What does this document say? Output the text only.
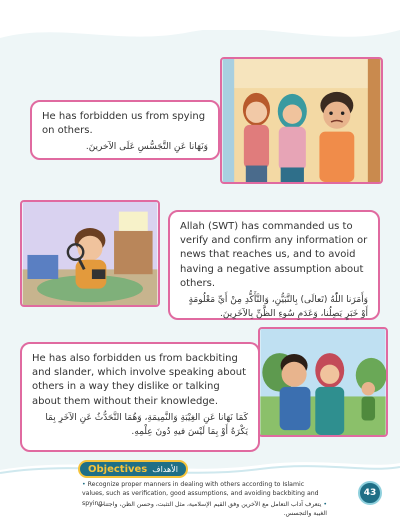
He has forbidden us from spying on others.

وَنَهَانا عَنِ التَّجَسُّسِ عَلَى الآخرينَ.

Allah (SWT) has commanded us to verify and confirm any information or news that reaches us, and to avoid having a negative assumption about others.

وَأَمَرَنا اللّٰهُ (تَعالَى) بِالتَّبَيُّنِ، وَالتَّأَكُّدِ مِنْ أَيِّ مَعْلُومَةٍ أَوْ خَبَرٍ يَصِلُنا، وَعَدَمِ سُوءِ الظَّنِّ بِالآخَرِينَ.

He has also forbidden us from backbiting and slander, which involve speaking about others in a way they dislike or talking about them without their knowledge.

كَمَا نَهَانا عَنِ الغِيْبَةِ وَالنَّمِيمَةِ، وَهُمَا التَّحَدُّثُ عَنِ الآخَرِ بِمَا يَكْرَهُ أَوْ بِمَا لَيْسَ فيهِ دُونَ عِلْمِهِ.

Objectives الأهداف
• Recognize proper manners in dealing with others according to Islamic values, such as verification, good assumptions, and avoiding backbiting and spying.	• يتعرف آداب التعامل مع الآخرين وفق القيم الإسلامية، مثل التثبت، وحسن الظن، واجتناب الغيبة والتجسس.
43
